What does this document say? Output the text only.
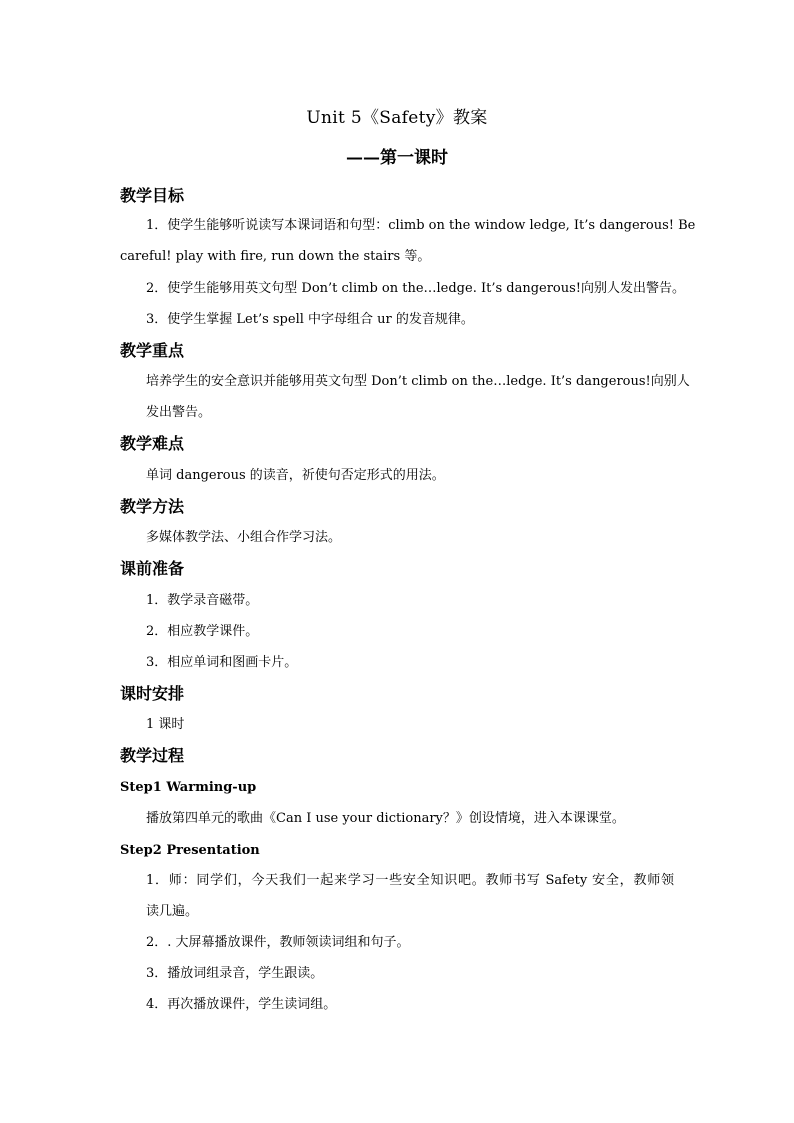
Unit 5《Safety》教案
——第一课时
教学目标
1．使学生能够听说读写本课词语和句型：climb on the window ledge, It’s dangerous! Be
careful! play with fire, run down the stairs 等。
2．使学生能够用英文句型 Don’t climb on the…ledge. It’s dangerous!向别人发出警告。
3．使学生掌握 Let’s spell 中字母组合 ur 的发音规律。
教学重点
培养学生的安全意识并能够用英文句型 Don’t climb on the…ledge. It’s dangerous!向别人
发出警告。
教学难点
单词 dangerous 的读音，祈使句否定形式的用法。
教学方法
多媒体教学法、小组合作学习法。
课前准备
1．教学录音磁带。
2．相应教学课件。
3．相应单词和图画卡片。
课时安排
1 课时
教学过程
Step1 Warming-up
播放第四单元的歌曲《Can I use your dictionary？》创设情境，进入本课课堂。
Step2 Presentation
1．师：同学们，今天我们一起来学习一些安全知识吧。教师书写 Safety 安全，教师领
读几遍。
2．. 大屏幕播放课件，教师领读词组和句子。
3．播放词组录音，学生跟读。
4．再次播放课件，学生读词组。
